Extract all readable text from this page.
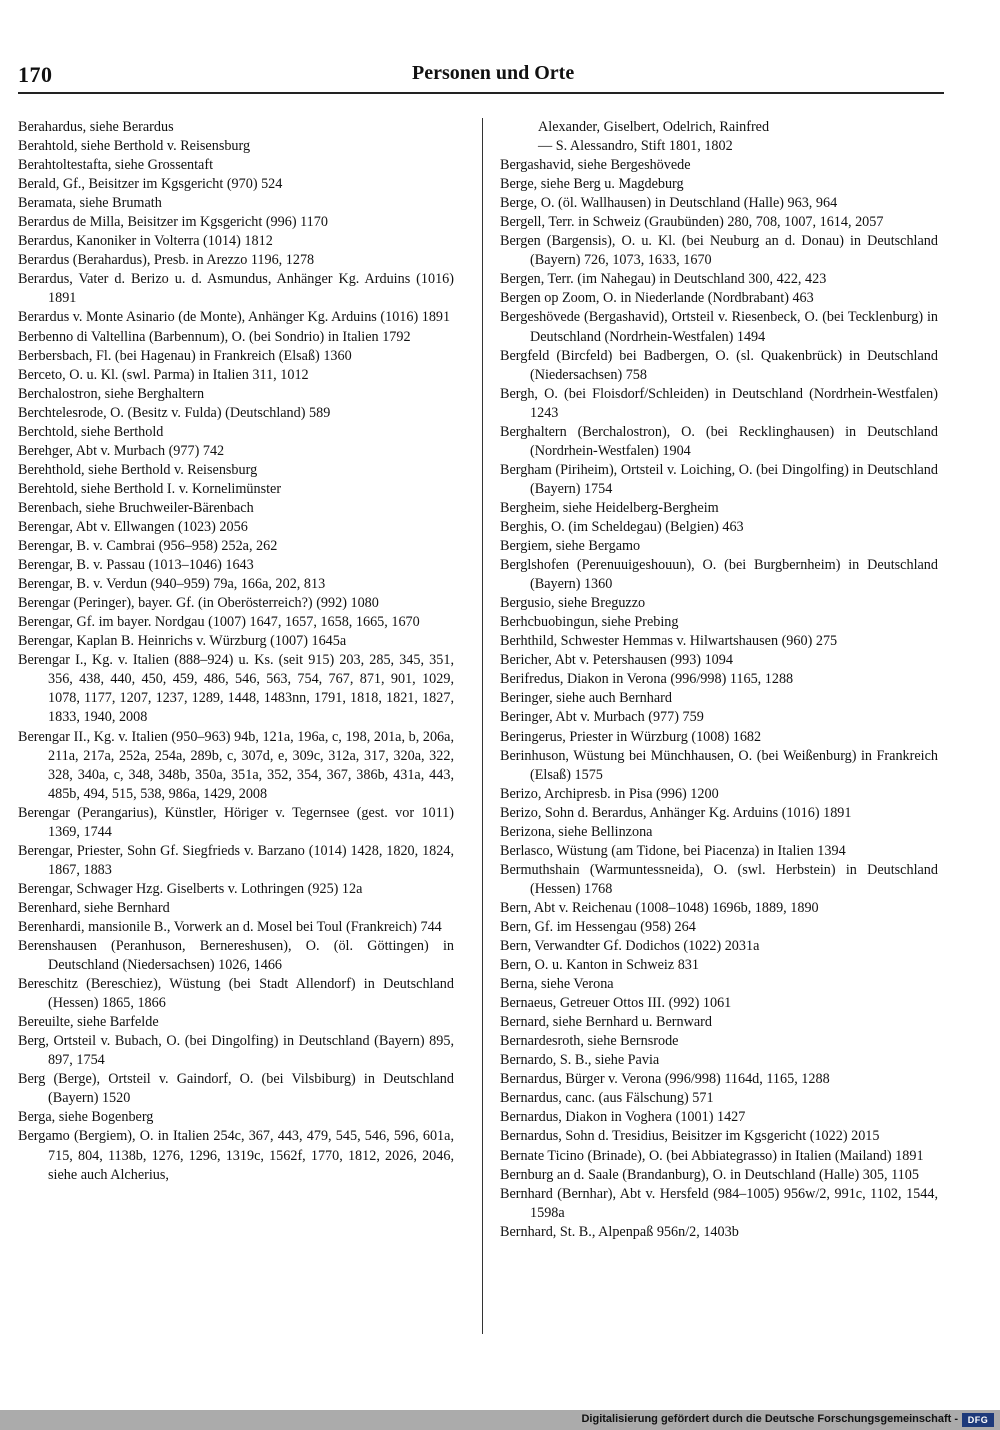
170	Personen und Orte
Berahardus, siehe Berardus
Berahtold, siehe Berthold v. Reisensburg
Berahtoltestafta, siehe Grossentaft
Berald, Gf., Beisitzer im Kgsgericht (970) 524
Beramata, siehe Brumath
Berardus de Milla, Beisitzer im Kgsgericht (996) 1170
Berardus, Kanoniker in Volterra (1014) 1812
Berardus (Berahardus), Presb. in Arezzo 1196, 1278
Berardus, Vater d. Berizo u. d. Asmundus, Anhänger Kg. Arduins (1016) 1891
Berardus v. Monte Asinario (de Monte), Anhänger Kg. Arduins (1016) 1891
Berbenno di Valtellina (Barbennum), O. (bei Sondrio) in Italien 1792
Berbersbach, Fl. (bei Hagenau) in Frankreich (Elsaß) 1360
Berceto, O. u. Kl. (swl. Parma) in Italien 311, 1012
Berchalostron, siehe Berghaltern
Berchtelesrode, O. (Besitz v. Fulda) (Deutschland) 589
Berchtold, siehe Berthold
Berehger, Abt v. Murbach (977) 742
Berehthold, siehe Berthold v. Reisensburg
Berehtold, siehe Berthold I. v. Kornelimünster
Berenbach, siehe Bruchweiler-Bärenbach
Berengar, Abt v. Ellwangen (1023) 2056
Berengar, B. v. Cambrai (956–958) 252a, 262
Berengar, B. v. Passau (1013–1046) 1643
Berengar, B. v. Verdun (940–959) 79a, 166a, 202, 813
Berengar (Peringer), bayer. Gf. (in Oberösterreich?) (992) 1080
Berengar, Gf. im bayer. Nordgau (1007) 1647, 1657, 1658, 1665, 1670
Berengar, Kaplan B. Heinrichs v. Würzburg (1007) 1645a
Berengar I., Kg. v. Italien (888–924) u. Ks. (seit 915) 203, 285, 345, 351, 356, 438, 440, 450, 459, 486, 546, 563, 754, 767, 871, 901, 1029, 1078, 1177, 1207, 1237, 1289, 1448, 1483nn, 1791, 1818, 1821, 1827, 1833, 1940, 2008
Berengar II., Kg. v. Italien (950–963) 94b, 121a, 196a, c, 198, 201a, b, 206a, 211a, 217a, 252a, 254a, 289b, c, 307d, e, 309c, 312a, 317, 320a, 322, 328, 340a, c, 348, 348b, 350a, 351a, 352, 354, 367, 386b, 431a, 443, 485b, 494, 515, 538, 986a, 1429, 2008
Berengar (Perangarius), Künstler, Höriger v. Tegernsee (gest. vor 1011) 1369, 1744
Berengar, Priester, Sohn Gf. Siegfrieds v. Barzano (1014) 1428, 1820, 1824, 1867, 1883
Berengar, Schwager Hzg. Giselberts v. Lothringen (925) 12a
Berenhard, siehe Bernhard
Berenhardi, mansionile B., Vorwerk an d. Mosel bei Toul (Frankreich) 744
Berenshausen (Peranhuson, Bernereshusen), O. (öl. Göttingen) in Deutschland (Niedersachsen) 1026, 1466
Bereschitz (Bereschiez), Wüstung (bei Stadt Allendorf) in Deutschland (Hessen) 1865, 1866
Bereuilte, siehe Barfelde
Berg, Ortsteil v. Bubach, O. (bei Dingolfing) in Deutschland (Bayern) 895, 897, 1754
Berg (Berge), Ortsteil v. Gaindorf, O. (bei Vilsbiburg) in Deutschland (Bayern) 1520
Berga, siehe Bogenberg
Bergamo (Bergiem), O. in Italien 254c, 367, 443, 479, 545, 546, 596, 601a, 715, 804, 1138b, 1276, 1296, 1319c, 1562f, 1770, 1812, 2026, 2046, siehe auch Alcherius,
Alexander, Giselbert, Odelrich, Rainfred
— S. Alessandro, Stift 1801, 1802
Bergashavid, siehe Bergeshövede
Berge, siehe Berg u. Magdeburg
Berge, O. (öl. Wallhausen) in Deutschland (Halle) 963, 964
Bergell, Terr. in Schweiz (Graubünden) 280, 708, 1007, 1614, 2057
Bergen (Bargensis), O. u. Kl. (bei Neuburg an d. Donau) in Deutschland (Bayern) 726, 1073, 1633, 1670
Bergen, Terr. (im Nahegau) in Deutschland 300, 422, 423
Bergen op Zoom, O. in Niederlande (Nordbrabant) 463
Bergeshövede (Bergashavid), Ortsteil v. Riesenbeck, O. (bei Tecklenburg) in Deutschland (Nordrhein-Westfalen) 1494
Bergfeld (Bircfeld) bei Badbergen, O. (sl. Quakenbrück) in Deutschland (Niedersachsen) 758
Bergh, O. (bei Floisdorf/Schleiden) in Deutschland (Nordrhein-Westfalen) 1243
Berghaltern (Berchalostron), O. (bei Recklinghausen) in Deutschland (Nordrhein-Westfalen) 1904
Bergham (Piriheim), Ortsteil v. Loiching, O. (bei Dingolfing) in Deutschland (Bayern) 1754
Bergheim, siehe Heidelberg-Bergheim
Berghis, O. (im Scheldegau) (Belgien) 463
Bergiem, siehe Bergamo
Berglshofen (Perenuuigeshouun), O. (bei Burgbernheim) in Deutschland (Bayern) 1360
Bergusio, siehe Breguzzo
Berhcbuobingun, siehe Prebing
Berhthild, Schwester Hemmas v. Hilwartshausen (960) 275
Bericher, Abt v. Petershausen (993) 1094
Berifredus, Diakon in Verona (996/998) 1165, 1288
Beringer, siehe auch Bernhard
Beringer, Abt v. Murbach (977) 759
Beringerus, Priester in Würzburg (1008) 1682
Berinhuson, Wüstung bei Münchhausen, O. (bei Weißenburg) in Frankreich (Elsaß) 1575
Berizo, Archipresb. in Pisa (996) 1200
Berizo, Sohn d. Berardus, Anhänger Kg. Arduins (1016) 1891
Berizona, siehe Bellinzona
Berlasco, Wüstung (am Tidone, bei Piacenza) in Italien 1394
Bermuthshain (Warmuntessneida), O. (swl. Herbstein) in Deutschland (Hessen) 1768
Bern, Abt v. Reichenau (1008–1048) 1696b, 1889, 1890
Bern, Gf. im Hessengau (958) 264
Bern, Verwandter Gf. Dodichos (1022) 2031a
Bern, O. u. Kanton in Schweiz 831
Berna, siehe Verona
Bernaeus, Getreuer Ottos III. (992) 1061
Bernard, siehe Bernhard u. Bernward
Bernardesroth, siehe Bernsrode
Bernardo, S. B., siehe Pavia
Bernardus, Bürger v. Verona (996/998) 1164d, 1165, 1288
Bernardus, canc. (aus Fälschung) 571
Bernardus, Diakon in Voghera (1001) 1427
Bernardus, Sohn d. Tresidius, Beisitzer im Kgsgericht (1022) 2015
Bernate Ticino (Brinade), O. (bei Abbiategrasso) in Italien (Mailand) 1891
Bernburg an d. Saale (Brandanburg), O. in Deutschland (Halle) 305, 1105
Bernhard (Bernhar), Abt v. Hersfeld (984–1005) 956w/2, 991c, 1102, 1544, 1598a
Bernhard, St. B., Alpenpaß 956n/2, 1403b
Digitalisierung gefördert durch die Deutsche Forschungsgemeinschaft -	DFG
